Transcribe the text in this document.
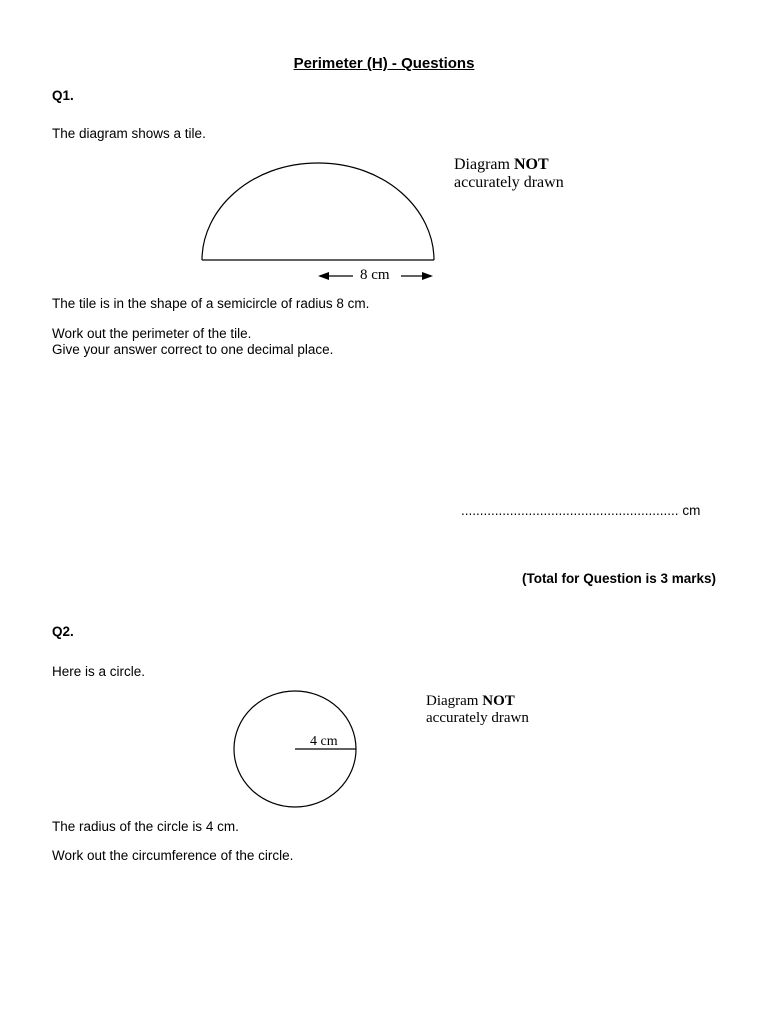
Perimeter (H) - Questions
Q1.
The diagram shows a tile.
8 cm
Diagram NOT
accurately drawn
The tile is in the shape of a semicircle of radius 8 cm.
Work out the perimeter of the tile.
Give your answer correct to one decimal place.
.......................................................... cm
(Total for Question is 3 marks)
Q2.
Here is a circle.
4 cm
Diagram NOT
accurately drawn
The radius of the circle is 4 cm.
Work out the circumference of the circle.
